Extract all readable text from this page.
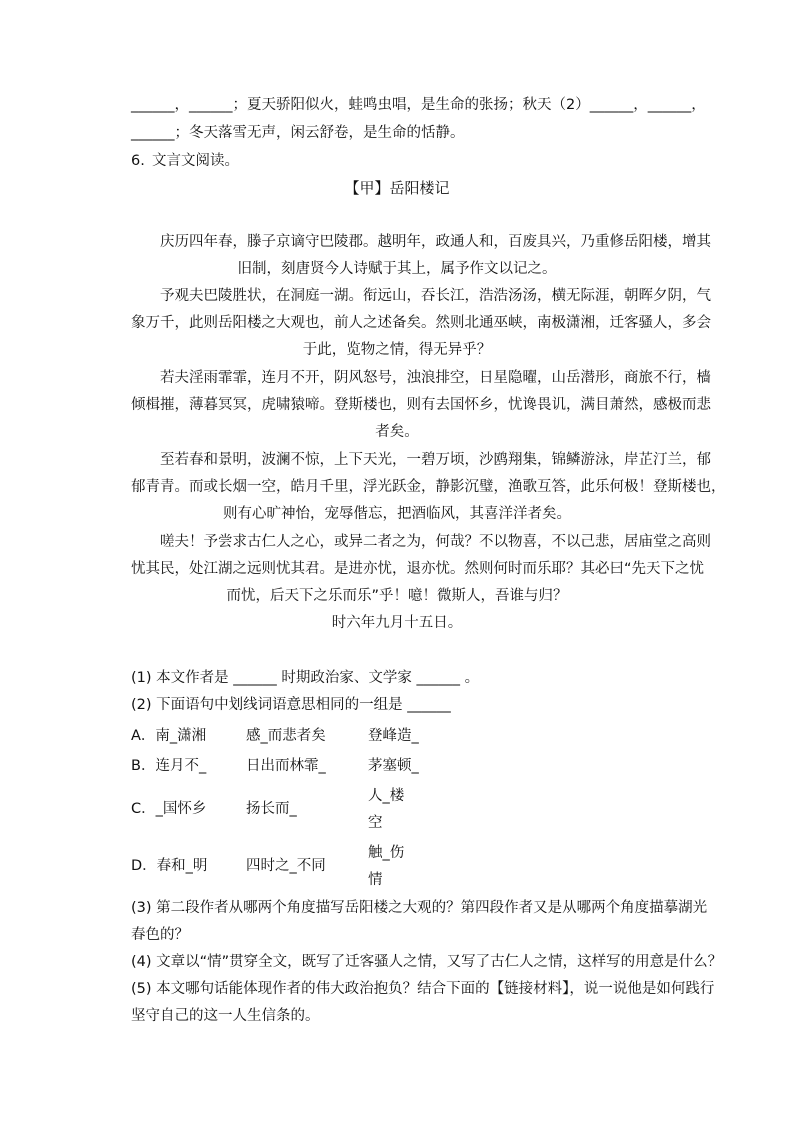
______，______；夏天骄阳似火，蛙鸣虫唱，是生命的张扬；秋天（2）______，______，
______；冬天落雪无声，闲云舒卷，是生命的恬静。
6. 文言文阅读。
【甲】岳阳楼记
庆历四年春，滕子京谪守巴陵郡。越明年，政通人和，百废具兴，乃重修岳阳楼，增其
旧制，刻唐贤今人诗赋于其上，属予作文以记之。
予观夫巴陵胜状，在洞庭一湖。衔远山，吞长江，浩浩汤汤，横无际涯，朝晖夕阴，气
象万千，此则岳阳楼之大观也，前人之述备矣。然则北通巫峡，南极潇湘，迁客骚人，多会
于此，览物之情，得无异乎？
若夫淫雨霏霏，连月不开，阴风怒号，浊浪排空，日星隐曜，山岳潜形，商旅不行，樯
倾楫摧，薄暮冥冥，虎啸猿啼。登斯楼也，则有去国怀乡，忧谗畏讥，满目萧然，感极而悲
者矣。
至若春和景明，波澜不惊，上下天光，一碧万顷，沙鸥翔集，锦鳞游泳，岸芷汀兰，郁
郁青青。而或长烟一空，皓月千里，浮光跃金，静影沉璧，渔歌互答，此乐何极！登斯楼也，
则有心旷神怡，宠辱偕忘，把酒临风，其喜洋洋者矣。
嗟夫！予尝求古仁人之心，或异二者之为，何哉？不以物喜，不以己悲，居庙堂之高则
忧其民，处江湖之远则忧其君。是进亦忧，退亦忧。然则何时而乐耶？其必曰“先天下之忧
而忧，后天下之乐而乐”乎！噫！微斯人，吾谁与归？
时六年九月十五日。
(1) 本文作者是 ______ 时期政治家、文学家 ______ 。
(2) 下面语句中划线词语意思相同的一组是 ______
A．南_潇湘	感_而悲者矣	登峰造_
B．连月不_	日出而林霏_	茅塞顿_
C．_国怀乡	扬长而_
人_楼
空
D．春和_明	四时之_不同
触_伤
情
(3) 第二段作者从哪两个角度描写岳阳楼之大观的？第四段作者又是从哪两个角度描摹湖光
春色的？
(4) 文章以“情”贯穿全文，既写了迁客骚人之情，又写了古仁人之情，这样写的用意是什么？
(5) 本文哪句话能体现作者的伟大政治抱负？结合下面的【链接材料】，说一说他是如何践行
坚守自己的这一人生信条的。
